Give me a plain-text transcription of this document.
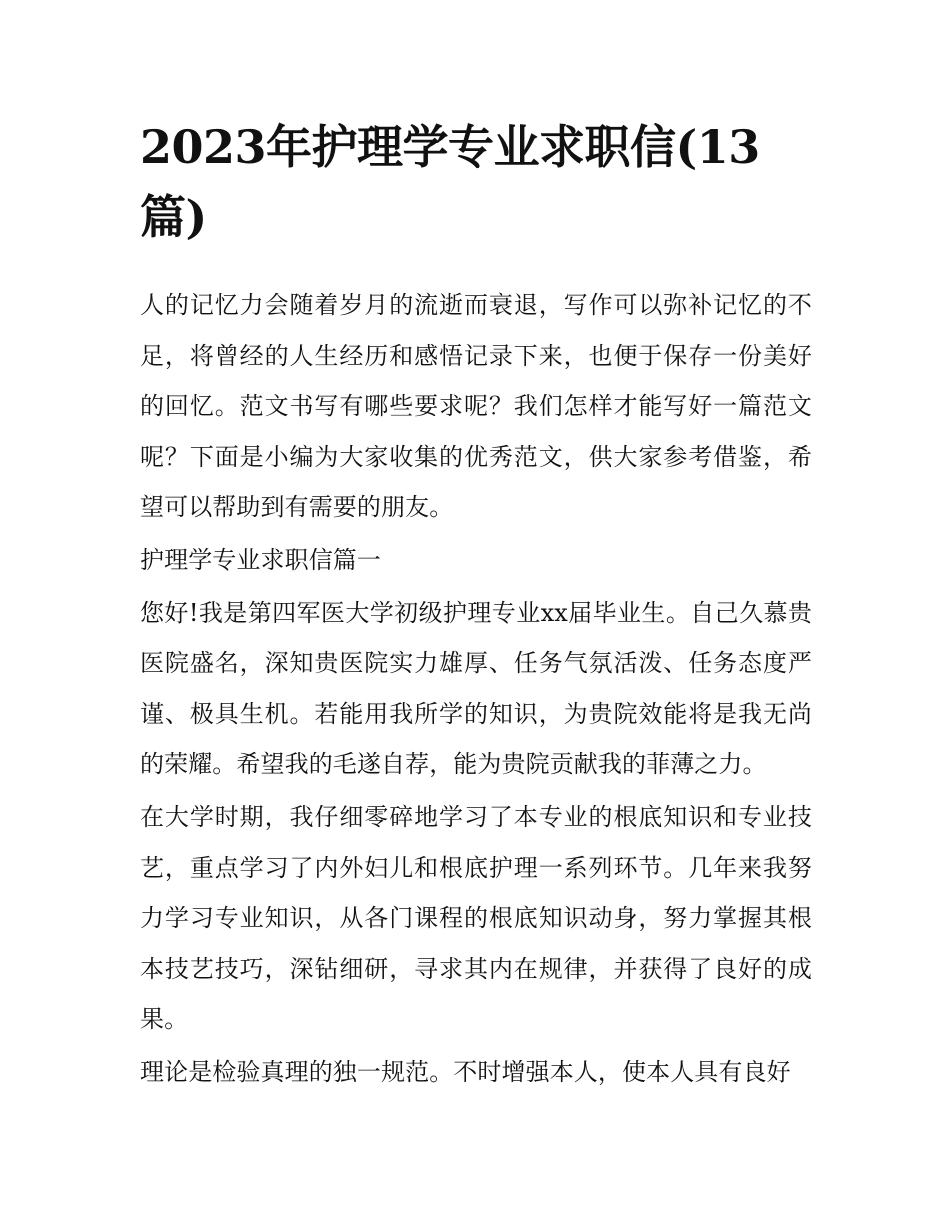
2023年护理学专业求职信(13篇)

人的记忆力会随着岁月的流逝而衰退，写作可以弥补记忆的不足，将曾经的人生经历和感悟记录下来，也便于保存一份美好的回忆。范文书写有哪些要求呢？我们怎样才能写好一篇范文呢？下面是小编为大家收集的优秀范文，供大家参考借鉴，希望可以帮助到有需要的朋友。

护理学专业求职信篇一

您好!我是第四军医大学初级护理专业xx届毕业生。自己久慕贵医院盛名，深知贵医院实力雄厚、任务气氛活泼、任务态度严谨、极具生机。若能用我所学的知识，为贵院效能将是我无尚的荣耀。希望我的毛遂自荐，能为贵院贡献我的菲薄之力。

在大学时期，我仔细零碎地学习了本专业的根底知识和专业技艺，重点学习了内外妇儿和根底护理一系列环节。几年来我努力学习专业知识，从各门课程的根底知识动身，努力掌握其根本技艺技巧，深钻细研，寻求其内在规律，并获得了良好的成果。

理论是检验真理的独一规范。不时增强本人，使本人具有良好
